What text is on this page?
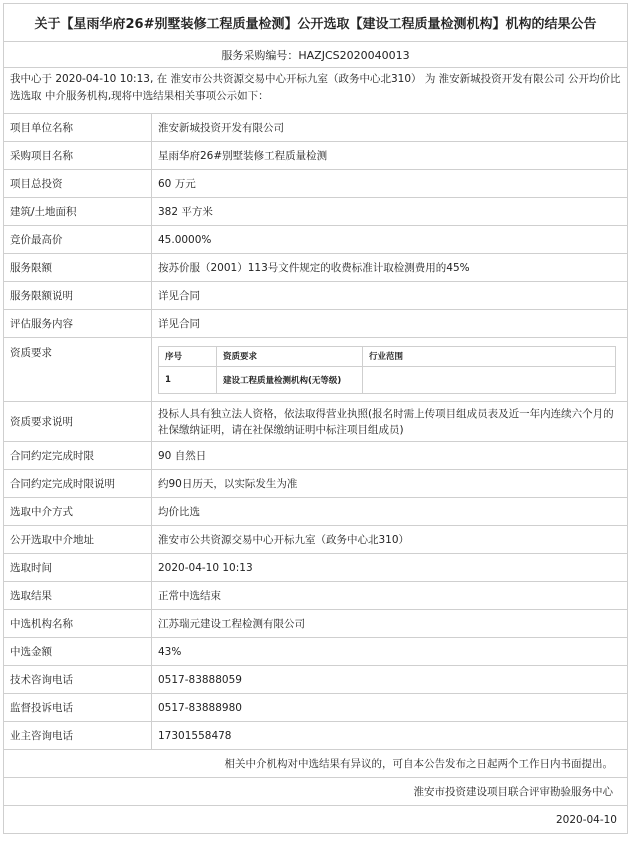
关于【星雨华府26#别墅装修工程质量检测】公开选取【建设工程质量检测机构】机构的结果公告
服务采购编号：HAZJCS2020040013
我中心于 2020-04-10 10:13, 在 淮安市公共资源交易中心开标九室（政务中心北310） 为 淮安新城投资开发有限公司 公开均价比选选取 中介服务机构,现将中选结果相关事项公示如下：
项目单位名称	淮安新城投资开发有限公司
采购项目名称	星雨华府26#别墅装修工程质量检测
项目总投资	60 万元
建筑/土地面积	382 平方米
竞价最高价	45.0000%
服务限额	按苏价服（2001）113号文件规定的收费标准计取检测费用的45%
服务限额说明	详见合同
评估服务内容	详见合同
资质要求		序号	资质要求	行业范围
1	建设工程质量检测机构(无等级)	

资质要求说明	投标人具有独立法人资格，依法取得营业执照(报名时需上传项目组成员表及近一年内连续六个月的社保缴纳证明，请在社保缴纳证明中标注项目组成员)
合同约定完成时限	90 自然日
合同约定完成时限说明	约90日历天，以实际发生为准
选取中介方式	均价比选
公开选取中介地址	淮安市公共资源交易中心开标九室（政务中心北310）
选取时间	2020-04-10 10:13
选取结果	正常中选结束
中选机构名称	江苏瑞元建设工程检测有限公司
中选金额	43%
技术咨询电话	0517-83888059
监督投诉电话	0517-83888980
业主咨询电话	17301558478
相关中介机构对中选结果有异议的，可自本公告发布之日起两个工作日内书面提出。
淮安市投资建设项目联合评审勘验服务中心
2020-04-10
